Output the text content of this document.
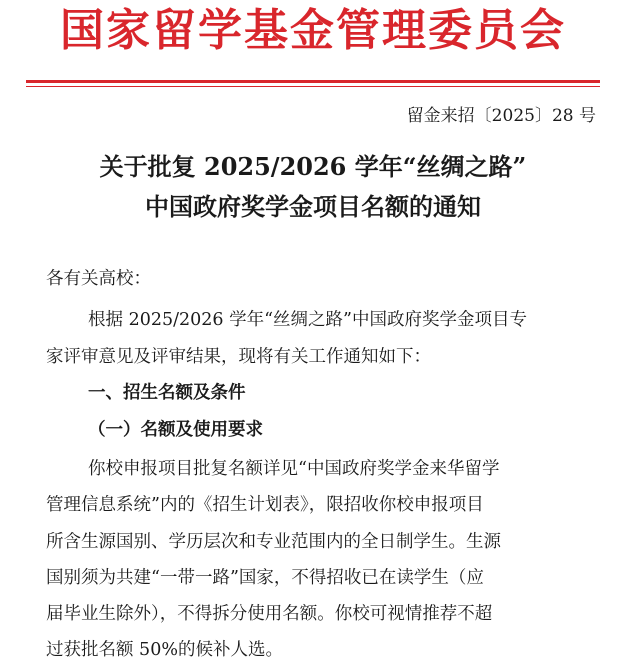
国家留学基金管理委员会
留金来招〔2025〕28 号
关于批复 2025/2026 学年“丝绸之路”
中国政府奖学金项目名额的通知
各有关高校：
根据 2025/2026 学年“丝绸之路”中国政府奖学金项目专
家评审意见及评审结果，现将有关工作通知如下：
一、招生名额及条件
（一）名额及使用要求
你校申报项目批复名额详见“中国政府奖学金来华留学
管理信息系统”内的《招生计划表》，限招收你校申报项目
所含生源国别、学历层次和专业范围内的全日制学生。生源
国别须为共建“一带一路”国家，不得招收已在读学生（应
届毕业生除外），不得拆分使用名额。你校可视情推荐不超
过获批名额 50%的候补人选。
